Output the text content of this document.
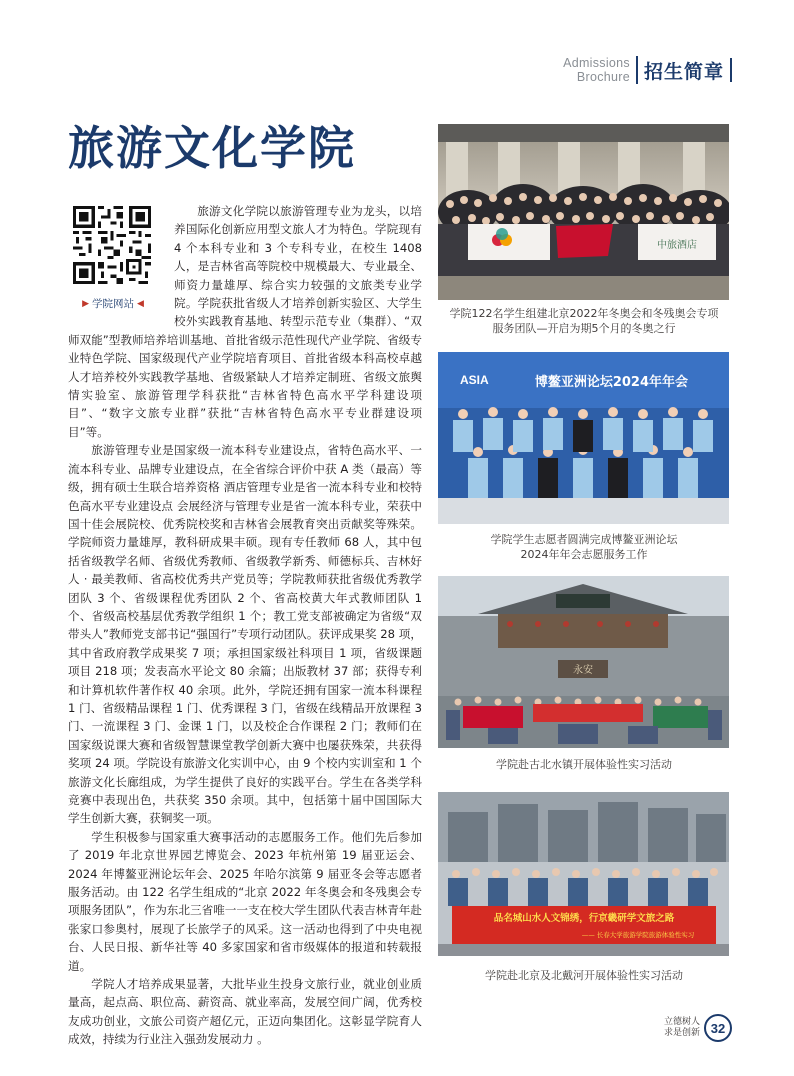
Admissions
Brochure 招生简章
旅游文化学院
▶ 学院网站 ◀

旅游文化学院以旅游管理专业为龙头，以培养国际化创新应用型文旅人才为特色。学院现有 4 个本科专业和 3 个专科专业，在校生 1408 人，是吉林省高等院校中规模最大、专业最全、师资力量雄厚、综合实力较强的文旅类专业学院。学院获批省级人才培养创新实验区、大学生校外实践教育基地、转型示范专业（集群）、“双师双能”型教师培养培训基地、首批省级示范性现代产业学院、省级专业特色学院、国家级现代产业学院培育项目、首批省级本科高校卓越人才培养校外实践教学基地、省级紧缺人才培养定制班、省级文旅舆情实验室、旅游管理学科获批“吉林省特色高水平学科建设项目”、“数字文旅专业群”获批“吉林省特色高水平专业群建设项目”等。

旅游管理专业是国家级一流本科专业建设点，省特色高水平、一流本科专业、品牌专业建设点，在全省综合评价中获 A 类（最高）等级，拥有硕士生联合培养资格 酒店管理专业是省一流本科专业和校特色高水平专业建设点 会展经济与管理专业是省一流本科专业，荣获中国十佳会展院校、优秀院校奖和吉林省会展教育突出贡献奖等殊荣。学院师资力量雄厚，教科研成果丰硕。现有专任教师 68 人，其中包括省级教学名师、省级优秀教师、省级教学新秀、师德标兵、吉林好人 · 最美教师、省高校优秀共产党员等；学院教师获批省级优秀教学团队 3 个、省级课程优秀团队 2 个、省高校黄大年式教师团队 1 个、省级高校基层优秀教学组织 1 个；教工党支部被确定为省级“双带头人”教师党支部书记“强国行”专项行动团队。获评成果奖 28 项，其中省政府教学成果奖 7 项；承担国家级社科项目 1 项，省级课题项目 218 项；发表高水平论文 80 余篇；出版教材 37 部；获得专利和计算机软件著作权 40 余项。此外，学院还拥有国家一流本科课程 1 门、省级精品课程 1 门、优秀课程 3 门，省级在线精品开放课程 3 门、一流课程 3 门、金课 1 门，以及校企合作课程 2 门；教师们在国家级说课大赛和省级智慧课堂教学创新大赛中也屡获殊荣，共获得奖项 24 项。学院设有旅游文化实训中心，由 9 个校内实训室和 1 个旅游文化长廊组成，为学生提供了良好的实践平台。学生在各类学科竞赛中表现出色，共获奖 350 余项。其中，包括第十届中国国际大学生创新大赛，获铜奖一项。

学生积极参与国家重大赛事活动的志愿服务工作。他们先后参加了 2019 年北京世界园艺博览会、2023 年杭州第 19 届亚运会、2024 年博鳌亚洲论坛年会、2025 年哈尔滨第 9 届亚冬会等志愿者服务活动。由 122 名学生组成的“北京 2022 年冬奥会和冬残奥会专项服务团队”，作为东北三省唯一一支在校大学生团队代表吉林青年赴张家口参奥村，展现了长旅学子的风采。这一活动也得到了中央电视台、人民日报、新华社等 40 多家国家和省市级媒体的报道和转载报道。

学院人才培养成果显著，大批毕业生投身文旅行业，就业创业质量高，起点高、职位高、薪资高、就业率高，发展空间广阔，优秀校友成功创业，文旅公司资产超亿元，正迈向集团化。这彰显学院育人成效，持续为行业注入强劲发展动力 。

中旅酒店
学院122名学生组建北京2022年冬奥会和冬残奥会专项
服务团队—开启为期5个月的冬奥之行
ASIA	博鳌亚洲论坛2024年年会
学院学生志愿者圆满完成博鳌亚洲论坛
2024年年会志愿服务工作
永安
学院赴古北水镇开展体验性实习活动
品名城山水人文锦绣，行京畿研学文旅之路
—— 长春大学旅游学院旅游体验性实习
学院赴北京及北戴河开展体验性实习活动
立德树人
求是创新 32
